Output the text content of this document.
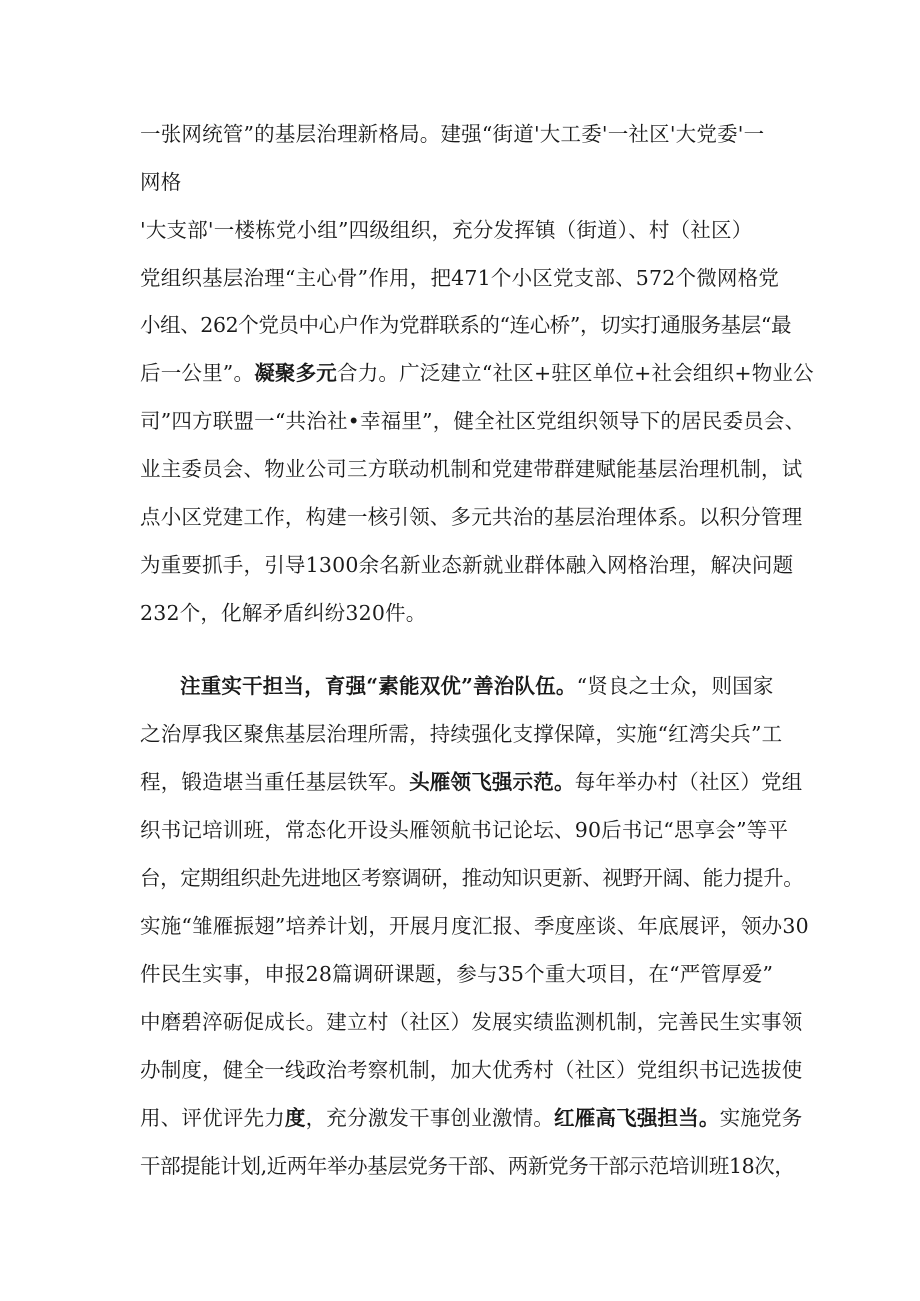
一张网统管”的基层治理新格局。建强“街道'大工委'一社区'大党委'一
网格
'大支部'一楼栋党小组”四级组织，充分发挥镇（街道）、村（社区）
党组织基层治理“主心骨”作用，把471个小区党支部、572个微网格党
小组、262个党员中心户作为党群联系的“连心桥”，切实打通服务基层“最
后一公里”。凝聚多元合力。广泛建立“社区+驻区单位+社会组织+物业公
司”四方联盟一“共治社•幸福里”，健全社区党组织领导下的居民委员会、
业主委员会、物业公司三方联动机制和党建带群建赋能基层治理机制，试
点小区党建工作，构建一核引领、多元共治的基层治理体系。以积分管理
为重要抓手，引导1300余名新业态新就业群体融入网格治理，解决问题
232个，化解矛盾纠纷320件。
注重实干担当，育强“素能双优”善治队伍。“贤良之士众，则国家
之治厚我区聚焦基层治理所需，持续强化支撑保障，实施“红湾尖兵”工
程，锻造堪当重任基层铁军。头雁领飞强示范。每年举办村（社区）党组
织书记培训班，常态化开设头雁领航书记论坛、90后书记“思享会”等平
台，定期组织赴先进地区考察调研，推动知识更新、视野开阔、能力提升。
实施“雏雁振翅”培养计划，开展月度汇报、季度座谈、年底展评，领办30
件民生实事，申报28篇调研课题，参与35个重大项目，在“严管厚爱”
中磨碧淬砺促成长。建立村（社区）发展实绩监测机制，完善民生实事领
办制度，健全一线政治考察机制，加大优秀村（社区）党组织书记选拔使
用、评优评先力度，充分激发干事创业激情。红雁高飞强担当。实施党务
干部提能计划,近两年举办基层党务干部、两新党务干部示范培训班18次，
